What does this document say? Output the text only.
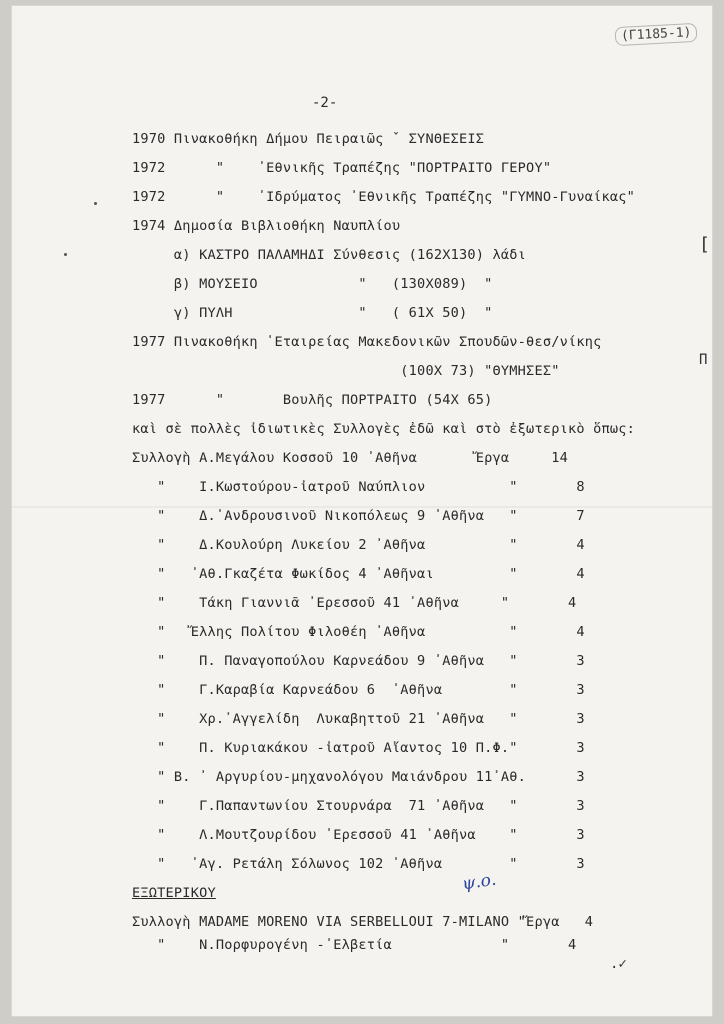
(Γ1185-1)
-2-
1970 Πινακοθήκη Δήμου Πειραιῶς ˇ ΣΥΝΘΕΣΕΙΣ
1972      "    ᾿Εθνικῆς Τραπέζης "ΠΟΡΤΡΑΙΤΟ ΓΕΡΟΥ"
1972      "    ᾿Ιδρύματος ᾿Εθνικῆς Τραπέζης "ΓΥΜΝΟ-Γυναίκας"
1974 Δημοσία Βιβλιοθήκη Ναυπλίου
α) ΚΑΣΤΡΟ ΠΑΛΑΜΗΔΙ Σύνθεσις (162Χ130) λάδι
β) ΜΟΥΣΕΙΟ            "   (130Χ089)  "
γ) ΠΥΛΗ               "   ( 61Χ 50)  "
1977 Πινακοθήκη ῾Εταιρείας Μακεδονικῶν Σπουδῶν-θεσ/νίκης
(100Χ 73) "ΘΥΜΗΣΕΣ"
1977      "       Βουλῆς ΠΟΡΤΡΑΙΤΟ (54Χ 65)
καὶ σὲ πολλὲς ἰδιωτικὲς Συλλογὲς ἐδῶ καὶ στὸ ἐξωτερικὸ ὅπως:
Συλλογὴ Α.Μεγάλου Κοσσοῦ 10 ᾿Αθῆνα       Ἔργα     14
"    Ι.Κωστούρου-ἰατροῦ Ναύπλιον          "       8
"    Δ.᾿Ανδρουσινοῦ Νικοπόλεως 9 ᾿Αθῆνα   "       7
"    Δ.Κουλούρη Λυκείου 2 ᾿Αθῆνα          "       4
"   ᾿Αθ.Γκαζέτα Φωκίδος 4 ᾿Αθῆναι         "       4
"    Τάκη Γιαννιᾶ ᾿Ερεσσοῦ 41 ᾿Αθῆνα     "       4
"   Ἔλλης Πολίτου Φιλοθέη ᾿Αθῆνα          "       4
"    Π. Παναγοπούλου Καρνεάδου 9 ᾿Αθῆνα   "       3
"    Γ.Καραβία Καρνεάδου 6  ᾿Αθῆνα        "       3
"    Χρ.᾿Αγγελίδη  Λυκαβηττοῦ 21 ᾿Αθῆνα   "       3
"    Π. Κυριακάκου -ἰατροῦ Αἴαντος 10 Π.Φ."       3
" Β. ᾿ Αργυρίου-μηχανολόγου Μαιάνδρου 11᾿Αθ.      3
"    Γ.Παπαντωνίου Στουρνάρα  71 ᾿Αθῆνα   "       3
"    Λ.Μουτζουρίδου ᾿Ερεσσοῦ 41 ᾿Αθῆνα    "       3
"   ᾿Αγ. Ρετάλη Σόλωνος 102 ᾿Αθῆνα        "       3
ΕΞΩΤΕΡΙΚΟΥ	ψ.ο.
Συλλογὴ MADAME MORENO VIA SERBELLOUI 7-MILANO "Ἔργα   4
"    Ν.Πορφυρογένη -᾿Ελβετία             "       4
.✓
[
Π
